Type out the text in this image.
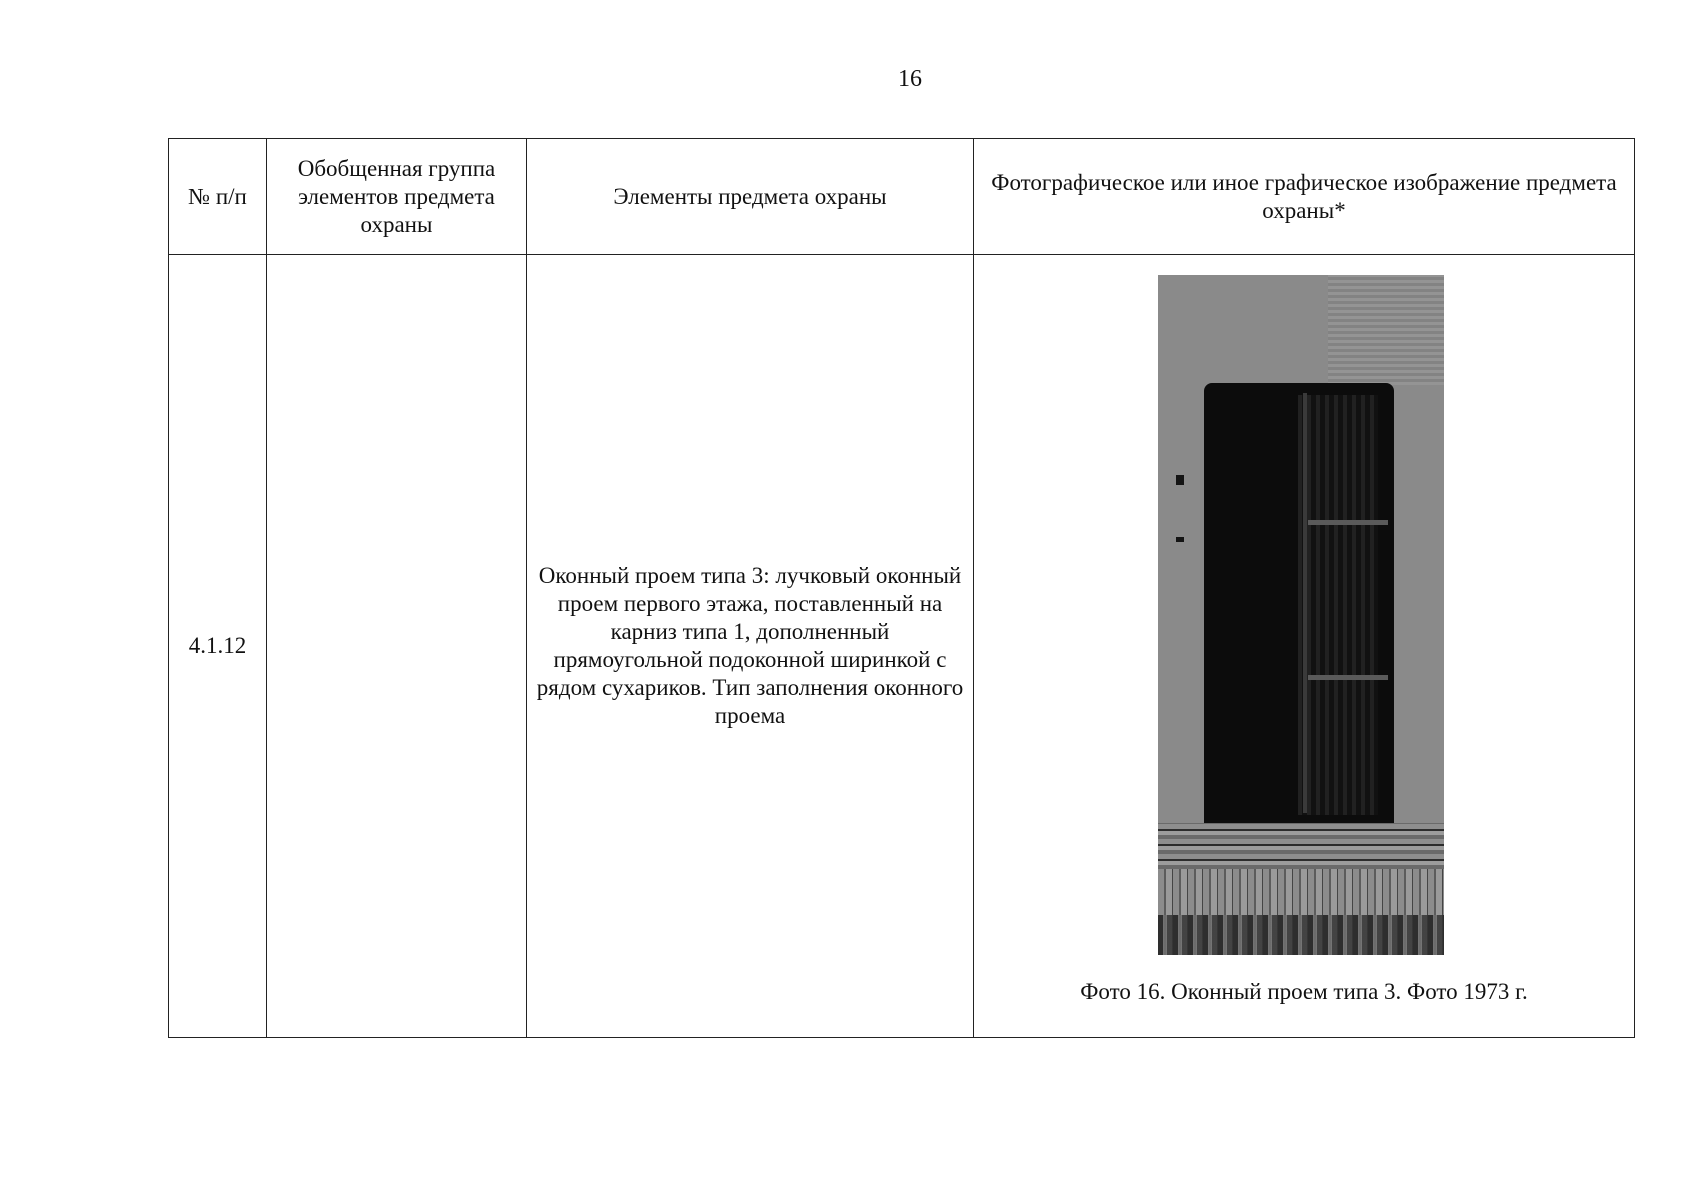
16
№ п/п	Обобщенная группа элементов предмета охраны	Элементы предмета охраны	Фотографическое или иное графическое изображение предмета охраны*
4.1.12		Оконный проем типа 3: лучковый оконный проем первого этажа, поставленный на карниз типа 1, дополненный прямоугольной подоконной ширинкой с рядом сухариков. Тип заполнения оконного проема	Фото 16. Оконный проем типа 3. Фото 1973 г.
